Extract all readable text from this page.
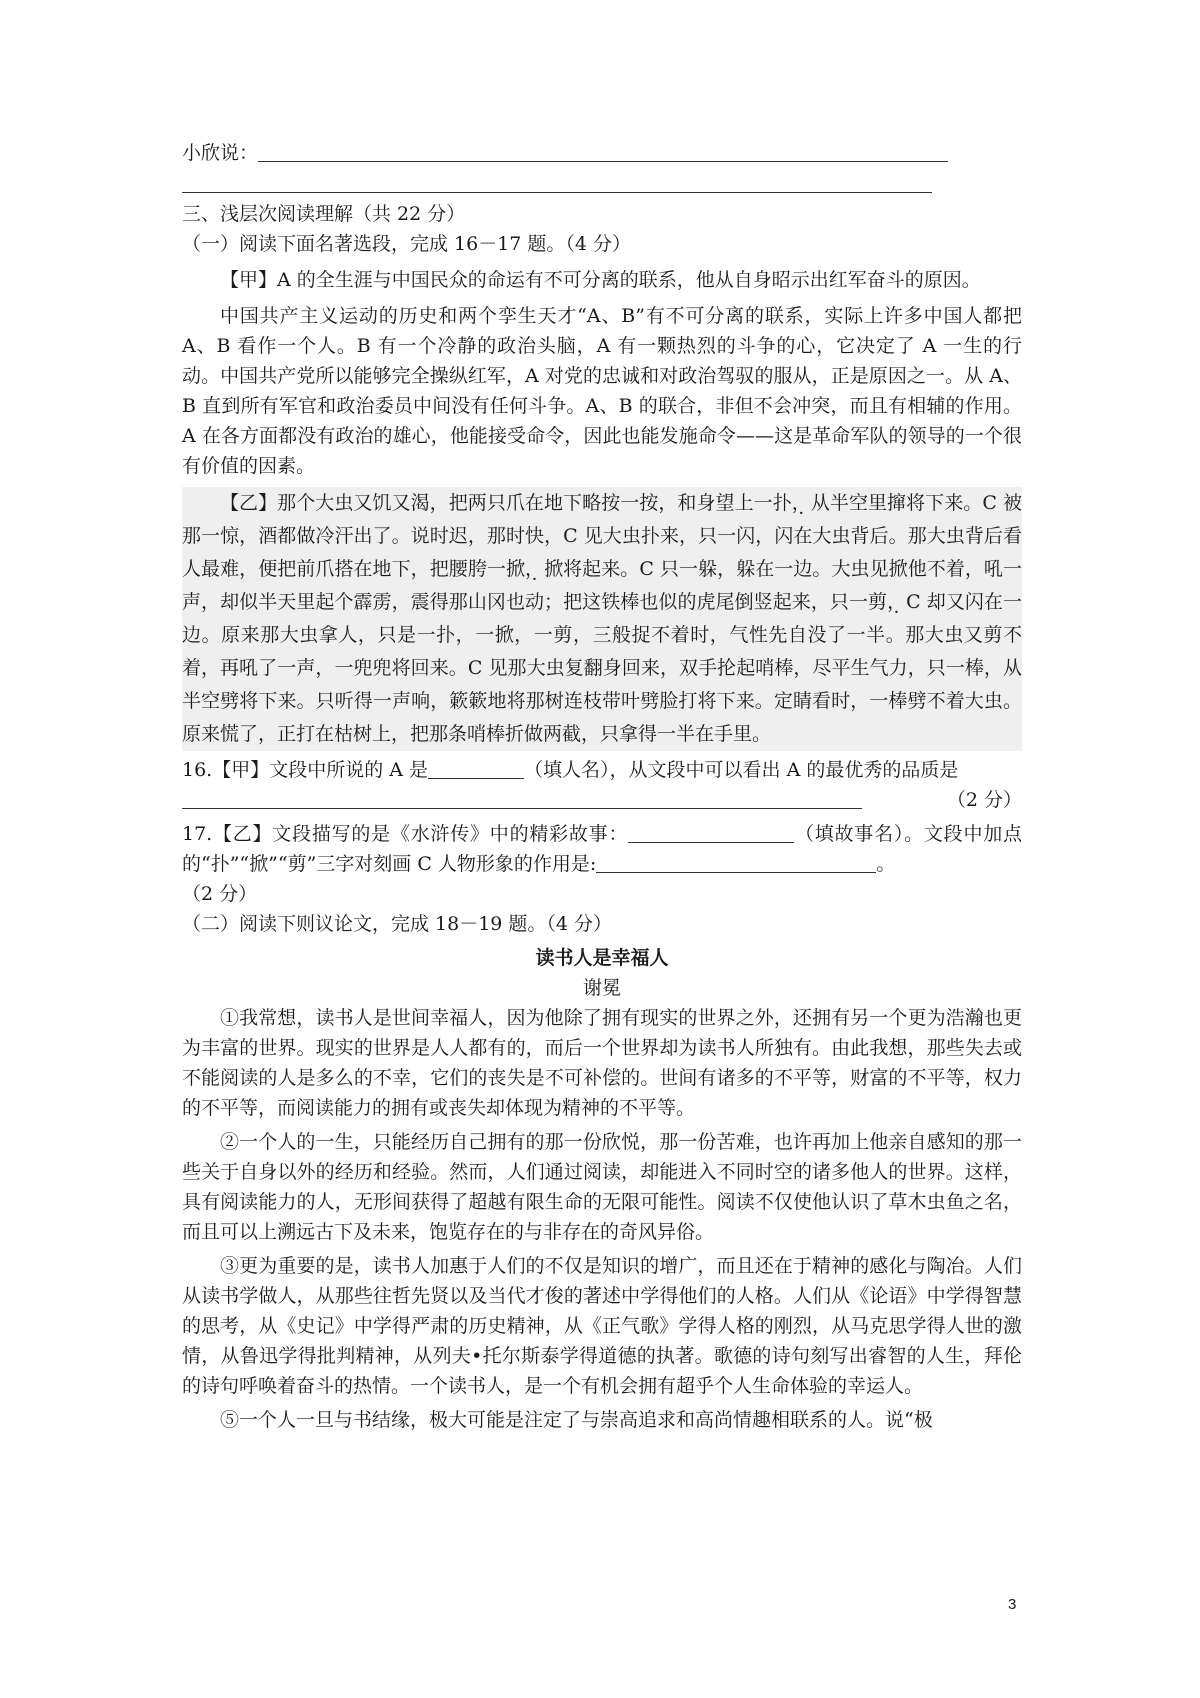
小欣说：

三、浅层次阅读理解（共 22 分）

（一）阅读下面名著选段，完成 16－17 题。（4 分）

【甲】A 的全生涯与中国民众的命运有不可分离的联系，他从自身昭示出红军奋斗的原因。

中国共产主义运动的历史和两个孪生天才“A、B”有不可分离的联系，实际上许多中国人都把 A、B 看作一个人。B 有一个冷静的政治头脑，A 有一颗热烈的斗争的心，它决定了 A 一生的行动。中国共产党所以能够完全操纵红军，A 对党的忠诚和对政治驾驭的服从，正是原因之一。从 A、B 直到所有军官和政治委员中间没有任何斗争。A、B 的联合，非但不会冲突，而且有相辅的作用。A 在各方面都没有政治的雄心，他能接受命令，因此也能发施命令——这是革命军队的领导的一个很有价值的因素。

【乙】那个大虫又饥又渴，把两只爪在地下略按一按，和身望上一扑，从半空里撺将下来。C 被那一惊，酒都做冷汗出了。说时迟，那时快，C 见大虫扑来，只一闪，闪在大虫背后。那大虫背后看人最难，便把前爪搭在地下，把腰胯一掀，掀将起来。C 只一躲，躲在一边。大虫见掀他不着，吼一声，却似半天里起个霹雳，震得那山冈也动；把这铁棒也似的虎尾倒竖起来，只一剪，C 却又闪在一边。原来那大虫拿人，只是一扑，一掀，一剪，三般捉不着时，气性先自没了一半。那大虫又剪不着，再吼了一声，一兜兜将回来。C 见那大虫复翻身回来，双手抡起哨棒，尽平生气力，只一棒，从半空劈将下来。只听得一声响，簌簌地将那树连枝带叶劈脸打将下来。定睛看时，一棒劈不着大虫。原来慌了，正打在枯树上，把那条哨棒折做两截，只拿得一半在手里。

16.【甲】文段中所说的 A 是	（填人名），从文段中可以看出 A 的最优秀的品质是

（2 分）

17.【乙】文段描写的是《水浒传》中的精彩故事：	（填故事名）。文段中加点的“扑”“掀”“剪”三字对刻画 C 人物形象的作用是:	。

（2 分）

（二）阅读下则议论文，完成 18－19 题。（4 分）

读书人是幸福人

谢冕

①我常想，读书人是世间幸福人，因为他除了拥有现实的世界之外，还拥有另一个更为浩瀚也更为丰富的世界。现实的世界是人人都有的，而后一个世界却为读书人所独有。由此我想，那些失去或不能阅读的人是多么的不幸，它们的丧失是不可补偿的。世间有诸多的不平等，财富的不平等，权力的不平等，而阅读能力的拥有或丧失却体现为精神的不平等。

②一个人的一生，只能经历自己拥有的那一份欣悦，那一份苦难，也许再加上他亲自感知的那一些关于自身以外的经历和经验。然而，人们通过阅读，却能进入不同时空的诸多他人的世界。这样，具有阅读能力的人，无形间获得了超越有限生命的无限可能性。阅读不仅使他认识了草木虫鱼之名，而且可以上溯远古下及未来，饱览存在的与非存在的奇风异俗。

③更为重要的是，读书人加惠于人们的不仅是知识的增广，而且还在于精神的感化与陶冶。人们从读书学做人，从那些往哲先贤以及当代才俊的著述中学得他们的人格。人们从《论语》中学得智慧的思考，从《史记》中学得严肃的历史精神，从《正气歌》学得人格的刚烈，从马克思学得人世的激情，从鲁迅学得批判精神，从列夫•托尔斯泰学得道德的执著。歌德的诗句刻写出睿智的人生，拜伦的诗句呼唤着奋斗的热情。一个读书人，是一个有机会拥有超乎个人生命体验的幸运人。

⑤一个人一旦与书结缘，极大可能是注定了与崇高追求和高尚情趣相联系的人。说“极

3
